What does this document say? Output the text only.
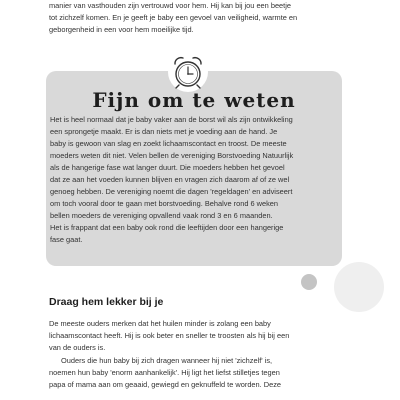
manier van vasthouden zijn vertrouwd voor hem. Hij kan bij jou een beetje
tot zichzelf komen. En je geeft je baby een gevoel van veiligheid, warmte en
geborgenheid in een voor hem moeilijke tijd.

Fijn om te weten

Het is heel normaal dat je baby vaker aan de borst wil als zijn ontwikkeling
een sprongetje maakt. Er is dan niets met je voeding aan de hand. Je
baby is gewoon van slag en zoekt lichaamscontact en troost. De meeste
moeders weten dit niet. Velen bellen de vereniging Borstvoeding Natuurlijk
als de hangerige fase wat langer duurt. Die moeders hebben het gevoel
dat ze aan het voeden kunnen blijven en vragen zich daarom af of ze wel
genoeg hebben. De vereniging noemt die dagen 'regeldagen' en adviseert
om toch vooral door te gaan met borstvoeding. Behalve rond 6 weken
bellen moeders de vereniging opvallend vaak rond 3 en 6 maanden.
Het is frappant dat een baby ook rond die leeftijden door een hangerige
fase gaat.

Draag hem lekker bij je

De meeste ouders merken dat het huilen minder is zolang een baby
lichaamscontact heeft. Hij is ook beter en sneller te troosten als hij bij een
van de ouders is.

Ouders die hun baby bij zich dragen wanneer hij niet 'zichzelf' is,
noemen hun baby 'enorm aanhankelijk'. Hij ligt het liefst stilletjes tegen
papa of mama aan om geaaid, gewiegd en geknuffeld te worden. Deze
